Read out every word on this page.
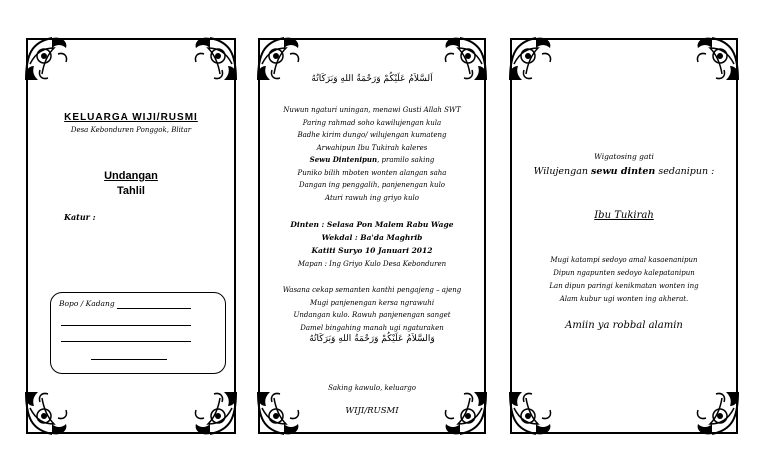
KELUARGA WIJI/RUSMI
Desa Kebonduren Ponggok, Blitar
Undangan
Tahlil
Katur :
Bopo / Kadang
اَلسَّلاَمُ عَلَيْكُمْ وَرَحْمَةُ اللهِ وَبَرَكَاتُهُ
Nuwun ngaturi uningan, menawi Gusti Allah SWT
Paring rahmad soho kawilujengan kula
Badhe kirim dungo/ wilujengan kumateng
Arwahipun Ibu Tukirah kaleres
Sewu Dintenipun, pramilo saking
Puniko bilih mboten wonten alangan saha
Dangan ing penggalih, panjenengan kulo
Aturi rawuh ing griyo kulo
Dinten : Selasa Pon Malem Rabu Wage
Wekdal : Ba'da Maghrib
Katiti Suryo 10 Januari 2012
Mapan : Ing Griyo Kulo Desa Kebonduren
Wasana cekap semanten kanthi pengajeng – ajeng
Mugi panjenengan kersa ngrawuhi
Undangan kulo. Rawuh panjenengan sanget
Damel bingahing manah ugi ngaturaken
وَالسَّلاَمُ عَلَيْكُمْ وَرَحْمَةُ اللهِ وَبَرَكَاتُهُ
Saking kawulo, keluargo
WIJI/RUSMI
Wigatosing gati
Wilujengan sewu dinten sedanipun :
Ibu Tukirah
Mugi katampi sedoyo amal kasaenanipun
Dipun ngapunten sedoyo kalepatanipun
Lan dipun paringi kenikmatan wonten ing
Alam kubur ugi wonten ing akherat.
Amiin ya robbal alamin
